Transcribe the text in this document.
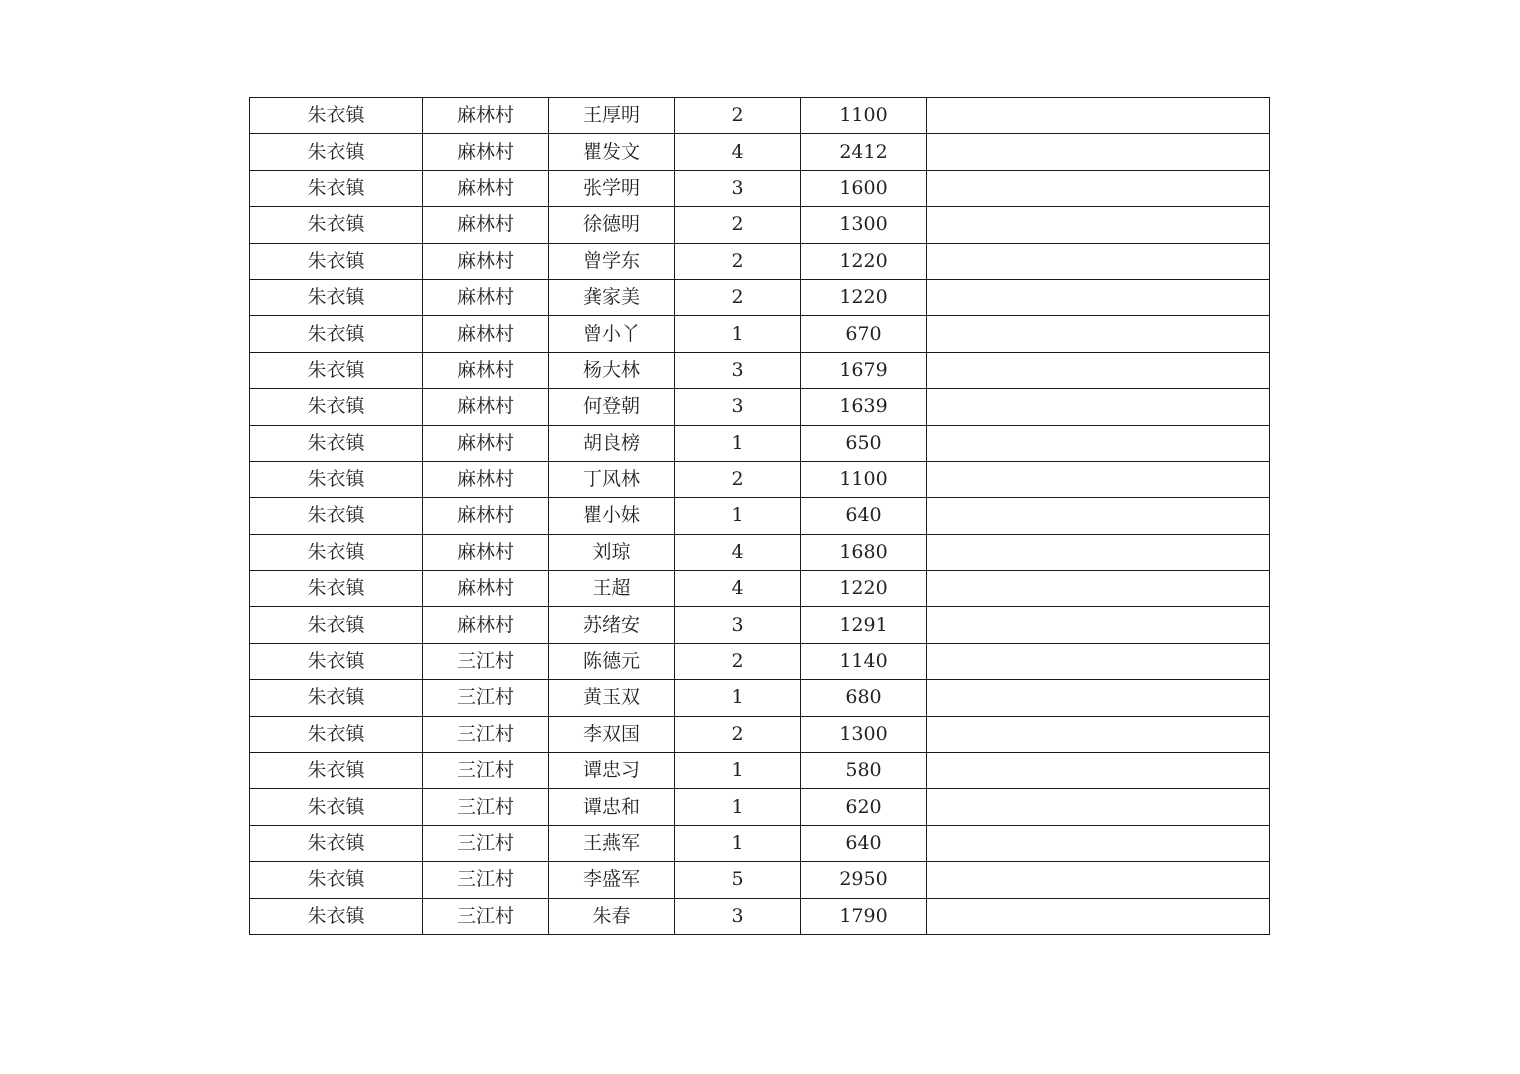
朱衣镇	麻林村	王厚明	2	1100	
朱衣镇	麻林村	瞿发文	4	2412	
朱衣镇	麻林村	张学明	3	1600	
朱衣镇	麻林村	徐德明	2	1300	
朱衣镇	麻林村	曾学东	2	1220	
朱衣镇	麻林村	龚家美	2	1220	
朱衣镇	麻林村	曾小丫	1	670	
朱衣镇	麻林村	杨大林	3	1679	
朱衣镇	麻林村	何登朝	3	1639	
朱衣镇	麻林村	胡良榜	1	650	
朱衣镇	麻林村	丁风林	2	1100	
朱衣镇	麻林村	瞿小妹	1	640	
朱衣镇	麻林村	刘琼	4	1680	
朱衣镇	麻林村	王超	4	1220	
朱衣镇	麻林村	苏绪安	3	1291	
朱衣镇	三江村	陈德元	2	1140	
朱衣镇	三江村	黄玉双	1	680	
朱衣镇	三江村	李双国	2	1300	
朱衣镇	三江村	谭忠习	1	580	
朱衣镇	三江村	谭忠和	1	620	
朱衣镇	三江村	王燕军	1	640	
朱衣镇	三江村	李盛军	5	2950	
朱衣镇	三江村	朱春	3	1790	
